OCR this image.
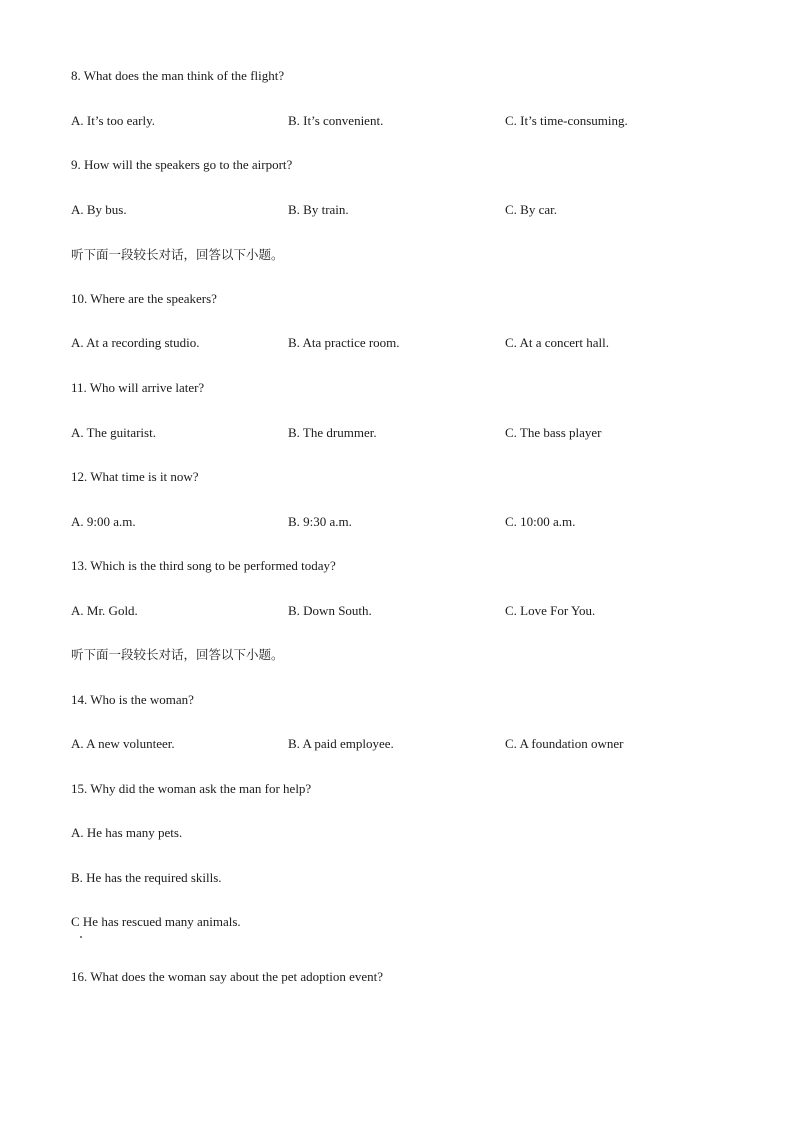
8. What does the man think of the flight?
A. It’s too early.	B. It’s convenient.	C. It’s time-consuming.
9. How will the speakers go to the airport?
A. By bus.	B. By train.	C. By car.
听下面一段较长对话，回答以下小题。
10. Where are the speakers?
A. At a recording studio.	B. Ata practice room.	C. At a concert hall.
11. Who will arrive later?
A. The guitarist.	B. The drummer.	C. The bass player
12. What time is it now?
A. 9:00 a.m.	B. 9:30 a.m.	C. 10:00 a.m.
13. Which is the third song to be performed today?
A. Mr. Gold.	B. Down South.	C. Love For You.
听下面一段较长对话，回答以下小题。
14. Who is the woman?
A. A new volunteer.	B. A paid employee.	C. A foundation owner
15. Why did the woman ask the man for help?
A. He has many pets.
B. He has the required skills.
C He has rescued many animals.
16. What does the woman say about the pet adoption event?
